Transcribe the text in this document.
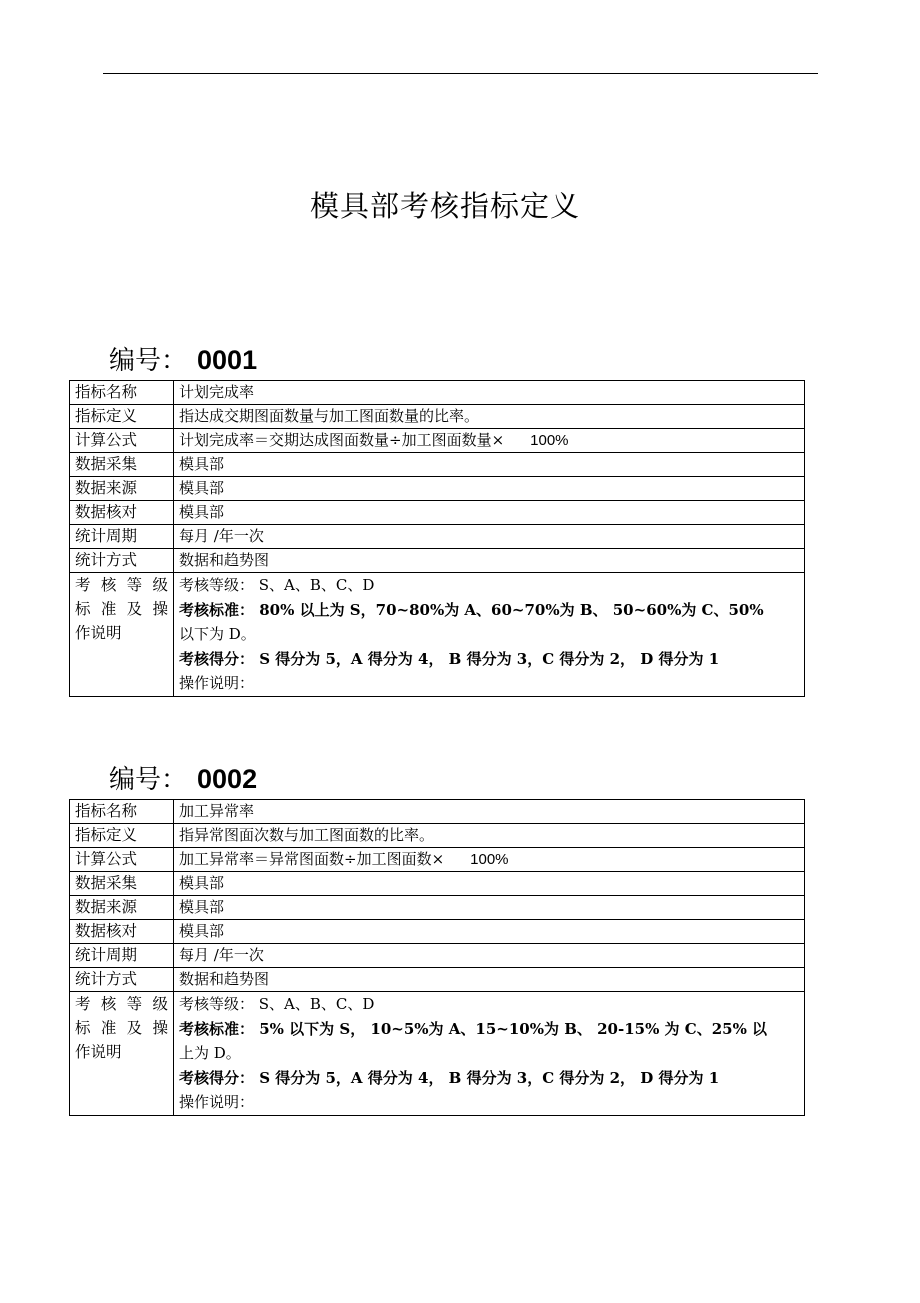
模具部考核指标定义
编号： 0001
指标名称	计划完成率
指标定义	指达成交期图面数量与加工图面数量的比率。
计算公式	计划完成率＝交期达成图面数量÷加工图面数量× 100%
数据采集	模具部
数据来源	模具部
数据核对	模具部
统计周期	每月 /年一次
统计方式	数据和趋势图

考 核 等 级
标 准 及 操
作说明	考核等级： S、A、B、C、D
考核标准： 80% 以上为 S，70~80%为 A、60~70%为 B、 50~60%为 C、50%
以下为 D。
考核得分： S 得分为 5，A 得分为 4， B 得分为 3，C 得分为 2， D 得分为 1
操作说明：
编号： 0002
指标名称	加工异常率
指标定义	指异常图面次数与加工图面数的比率。
计算公式	加工异常率＝异常图面数÷加工图面数× 100%
数据采集	模具部
数据来源	模具部
数据核对	模具部
统计周期	每月 /年一次
统计方式	数据和趋势图

考 核 等 级
标 准 及 操
作说明	考核等级： S、A、B、C、D
考核标准： 5% 以下为 S， 10~5%为 A、15~10%为 B、 20-15% 为 C、25% 以
上为 D。
考核得分： S 得分为 5，A 得分为 4， B 得分为 3，C 得分为 2， D 得分为 1
操作说明：
